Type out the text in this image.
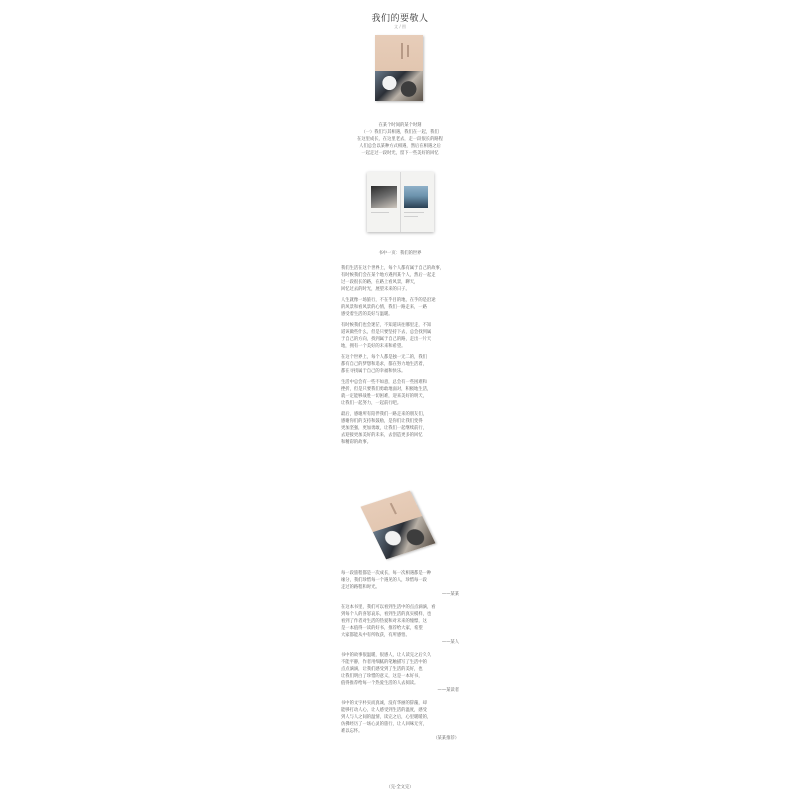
我们的要敬人
文 / 图

在某个时间的某个时刻

（一）我们与其相遇，我们在一起，我们

在这里成长，在这里老去，走一段很长的路程

人们总会以某种方式相遇，然后在相遇之后

一起走过一段时光，留下一些美好的回忆

书中一页：我们的世界

我们生活在这个世界上，每个人都有属于自己的故事，

有时候我们会在某个地方遇到某个人，然后一起走

过一段很长的路，在路上看风景，聊天，

回忆过去的时光，展望未来的日子。

人生就像一场旅行，不在乎目的地，在乎的是沿途

的风景和看风景的心情，我们一路走来，一路

感受着生活的美好与温暖。

有时候我们也会迷茫，不知道该往哪里走，不知

道该做些什么，但是只要坚持下去，总会找到属

于自己的方向，找到属于自己的路，走出一片天

地，拥有一个美好的未来和希望。

在这个世界上，每个人都是独一无二的，我们

都有自己的梦想和追求，都在努力地生活着，

都在寻找属于自己的幸福和快乐。

生活中总会有一些不如意，总会有一些困难和

挫折，但是只要我们勇敢地面对，积极地生活，

就一定能够战胜一切困难，迎来美好的明天，

让我们一起努力，一起前行吧。

最后，感谢所有陪伴我们一路走来的朋友们，

感谢你们的支持和鼓励，是你们让我们变得

更加坚强，更加勇敢，让我们一起继续前行，

去迎接更加美好的未来，去创造更多的回忆

和精彩的故事。

每一段旅程都是一次成长，每一次相遇都是一种

缘分，我们珍惜每一个遇见的人，珍惜每一段

走过的路程和时光。

——某某

在这本书里，我们可以看到生活中的点点滴滴，看

到每个人的喜怒哀乐，看到生活的真实模样，也

看到了作者对生活的热爱和对未来的憧憬，这

是一本值得一读的好书，推荐给大家，希望

大家都能从中有所收获，有所感悟。

——某人

书中的故事很温暖，很感人，让人读完之后久久

不能平静，作者用细腻的笔触描写了生活中的

点点滴滴，让我们感受到了生活的美好，也

让我们明白了珍惜的意义，这是一本好书，

值得推荐给每一个热爱生活的人去阅读。

——某读者

书中的文字朴实而真诚，没有华丽的辞藻，却

能够打动人心，让人感受到生活的温度，感受

到人与人之间的温情，读完之后，心里暖暖的，

仿佛经历了一场心灵的旅行，让人回味无穷，

难以忘怀。

（某某推荐）

（完·全文完）
